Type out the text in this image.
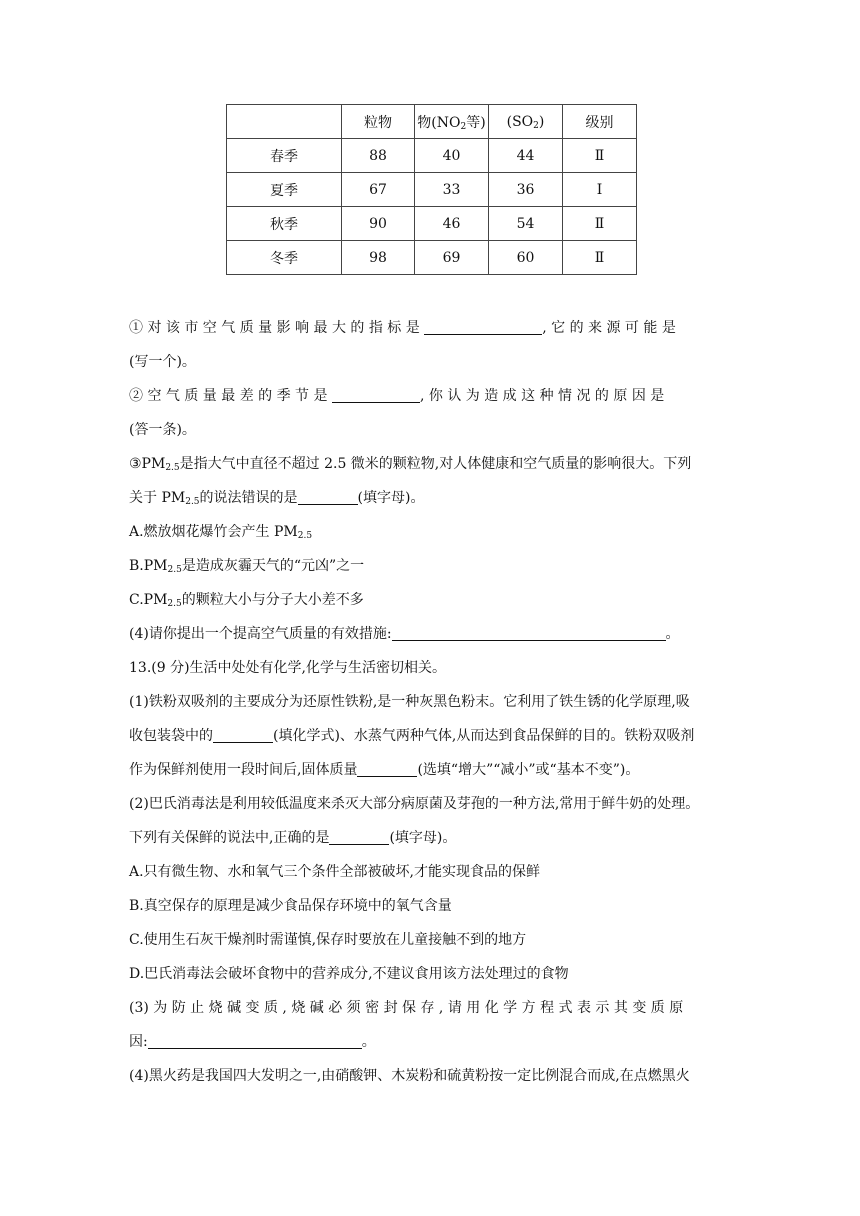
	粒物	物($NO_2$等)	$(SO_2)$	级别
春季	88	40	44	Ⅱ
夏季	67	33	36	Ⅰ
秋季	90	46	54	Ⅱ
冬季	98	69	60	Ⅱ
① 对 该 市 空 气 质 量 影 响 最 大 的 指 标 是	, 它 的 来 源 可 能 是
(写一个)。
② 空 气 质 量 最 差 的 季 节 是	, 你 认 为 造 成 这 种 情 况 的 原 因 是
(答一条)。
$③PM_{2.5}$是指大气中直径不超过 2.5 微米的颗粒物,对人体健康和空气质量的影响很大。下列
关于 $PM_{2.5}$的说法错误的是	(填字母)。
A.燃放烟花爆竹会产生 $PM_{2.5}$
$B.PM_{2.5}$是造成灰霾天气的“元凶”之一
$C.PM_{2.5}$的颗粒大小与分子大小差不多
(4)请你提出一个提高空气质量的有效措施:	。
13.(9 分)生活中处处有化学,化学与生活密切相关。
(1)铁粉双吸剂的主要成分为还原性铁粉,是一种灰黑色粉末。它利用了铁生锈的化学原理,吸
收包装袋中的	(填化学式)、水蒸气两种气体,从而达到食品保鲜的目的。铁粉双吸剂
作为保鲜剂使用一段时间后,固体质量	(选填“增大”“减小”或“基本不变”)。
(2)巴氏消毒法是利用较低温度来杀灭大部分病原菌及芽孢的一种方法,常用于鲜牛奶的处理。
下列有关保鲜的说法中,正确的是	(填字母)。
A.只有微生物、水和氧气三个条件全部被破坏,才能实现食品的保鲜
B.真空保存的原理是减少食品保存环境中的氧气含量
C.使用生石灰干燥剂时需谨慎,保存时要放在儿童接触不到的地方
D.巴氏消毒法会破坏食物中的营养成分,不建议食用该方法处理过的食物
(3) 为 防 止 烧 碱 变 质 , 烧 碱 必 须 密 封 保 存 , 请 用 化 学 方 程 式 表 示 其 变 质 原
因:	。
(4)黑火药是我国四大发明之一,由硝酸钾、木炭粉和硫黄粉按一定比例混合而成,在点燃黑火
